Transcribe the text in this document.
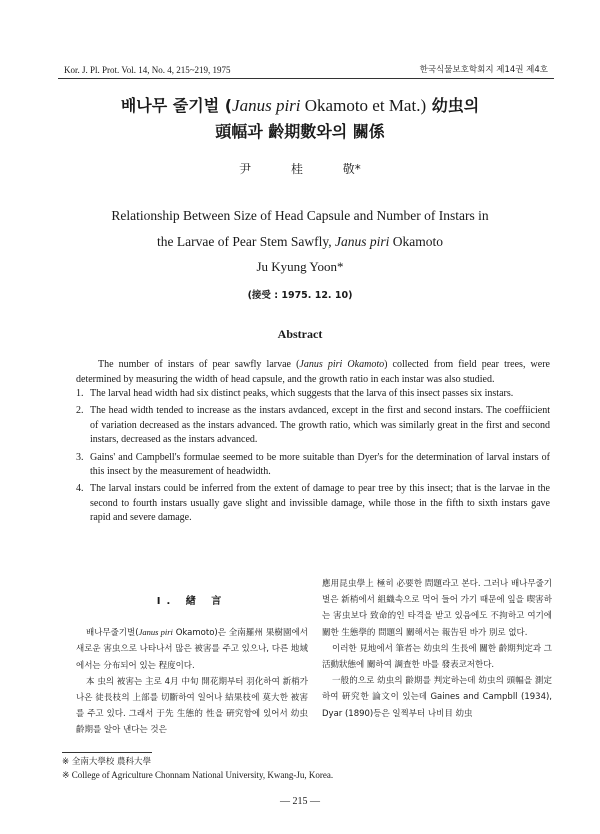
Kor. J. Pl. Prot. Vol. 14, No. 4, 215~219, 1975	한국식물보호학회지 제14권 제4호
배나무 줄기벌 (Janus piri Okamoto et Mat.) 幼虫의
頭幅과 齡期數와의 關係
尹 桂 敬*
Relationship Between Size of Head Capsule and Number of Instars in
the Larvae of Pear Stem Sawfly, Janus piri Okamoto
Ju Kyung Yoon*
(接受 : 1975. 12. 10)
Abstract

The number of instars of pear sawfly larvae (Janus piri Okamoto) collected from field pear trees, were determined by measuring the width of head capsule, and the growth ratio in each instar was also studied.

1. The larval head width had six distinct peaks, which suggests that the larva of this insect passes six instars.
2. The head width tended to increase as the instars avdanced, except in the first and second instars. The coeffiicient of variation decreased as the instars advanced. The growth ratio, which was similarly great in the first and second instars, decreased as the instars advanced.
3. Gains' and Campbell's formulae seemed to be more suitable than Dyer's for the determination of larval instars of this insect by the measurement of headwidth.
4. The larval instars could be inferred from the extent of damage to pear tree by this insect; that is the larvae in the second to fourth instars usually gave slight and invissible damage, while those in the fifth to sixth instars gave rapid and severe damage.
I. 緖 言

배나무줄기벌(Janus piri Okamoto)은 全南羅州 果樹園에서 새로운 害虫으로 나타나서 많은 被害를 주고 있으나, 다른 地域에서는 分布되어 있는 程度이다.

本 虫의 被害는 主로 4月 中旬 開花期부터 羽化하여 新梢가 나온 徒長枝의 上部를 切斷하여 일어나 結果枝에 莫大한 被害를 주고 있다. 그래서 于先 生態的 性을 硏究함에 있어서 幼虫 齡期를 알아 낸다는 것은

應用昆虫學上 極히 必要한 問題라고 본다. 그러나 배나무줄기벌은 新梢에서 組織속으로 먹어 들어 가기 때문에 잎을 喫害하는 害虫보다 致命的인 타격을 받고 있음에도 不拘하고 여기에 關한 生態學的 問題의 關해서는 報告된 바가 別로 없다.

이러한 見地에서 筆者는 幼虫의 生長에 關한 齡期判定과 그活動狀態에 關하여 調査한 바를 發表코저한다.

一般的으로 幼虫의 齡期를 判定하는데 幼虫의 頭幅을 測定하여 硏究한 論文이 있는데 Gaines and Campbll (1934), Dyar (1890)등은 일찍부터 나비目 幼虫

※ 全南大學校 農科大學
※ College of Agriculture Chonnam National University, Kwang-Ju, Korea.
— 215 —
